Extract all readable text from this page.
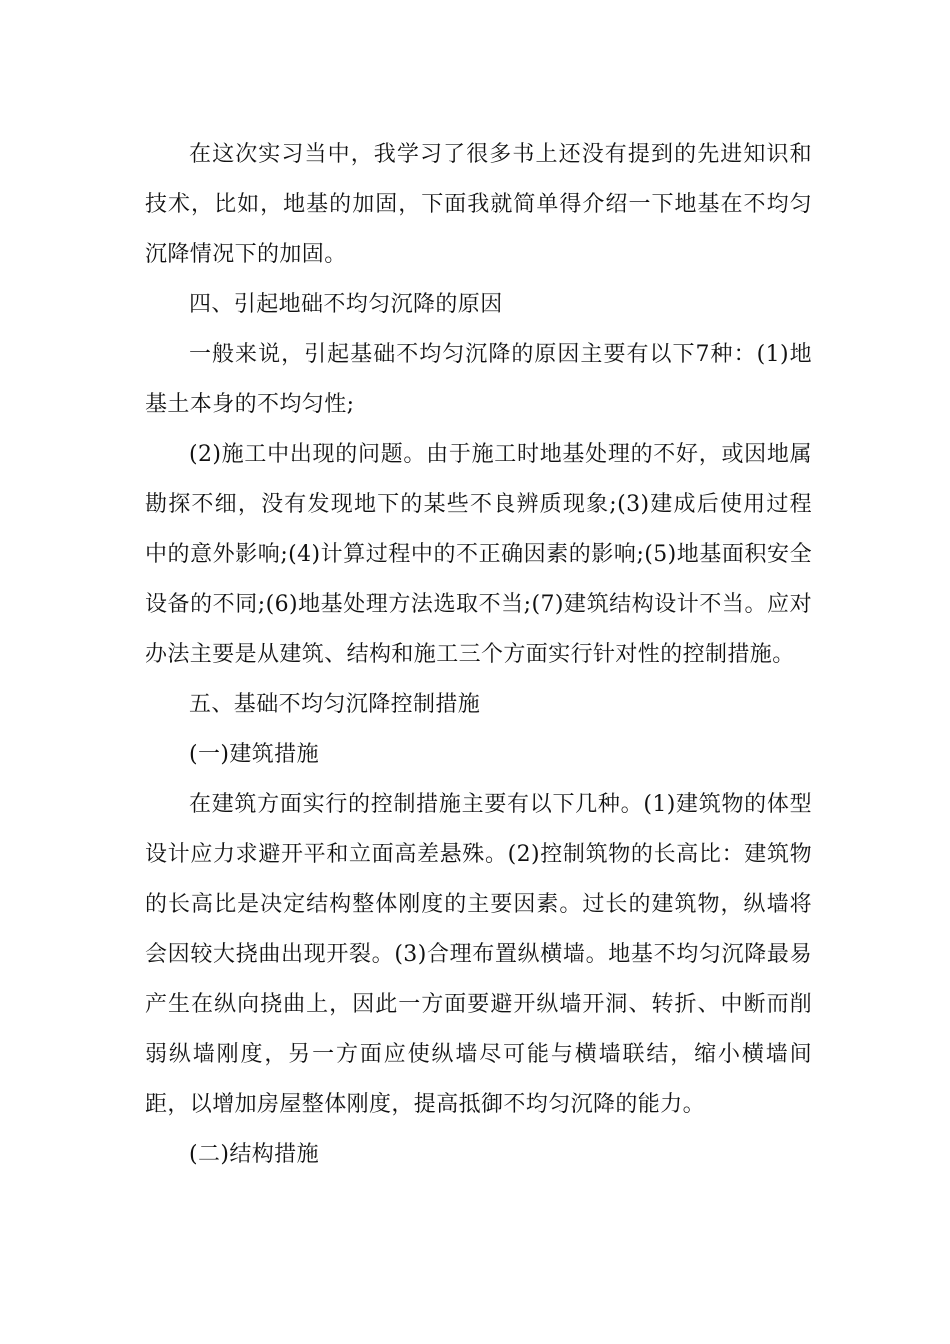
在这次实习当中，我学习了很多书上还没有提到的先进知识和技术，比如，地基的加固，下面我就简单得介绍一下地基在不均匀沉降情况下的加固。

四、引起地础不均匀沉降的原因

一般来说，引起基础不均匀沉降的原因主要有以下7种：(1)地基土本身的不均匀性;

(2)施工中出现的问题。由于施工时地基处理的不好，或因地属勘探不细，没有发现地下的某些不良辨质现象;(3)建成后使用过程中的意外影响;(4)计算过程中的不正确因素的影响;(5)地基面积安全设备的不同;(6)地基处理方法选取不当;(7)建筑结构设计不当。应对办法主要是从建筑、结构和施工三个方面实行针对性的控制措施。

五、基础不均匀沉降控制措施

(一)建筑措施

在建筑方面实行的控制措施主要有以下几种。(1)建筑物的体型设计应力求避开平和立面高差悬殊。(2)控制筑物的长高比：建筑物的长高比是决定结构整体刚度的主要因素。过长的建筑物，纵墙将会因较大挠曲出现开裂。(3)合理布置纵横墙。地基不均匀沉降最易产生在纵向挠曲上，因此一方面要避开纵墙开洞、转折、中断而削弱纵墙刚度，另一方面应使纵墙尽可能与横墙联结，缩小横墙间距，以增加房屋整体刚度，提高抵御不均匀沉降的能力。

(二)结构措施
